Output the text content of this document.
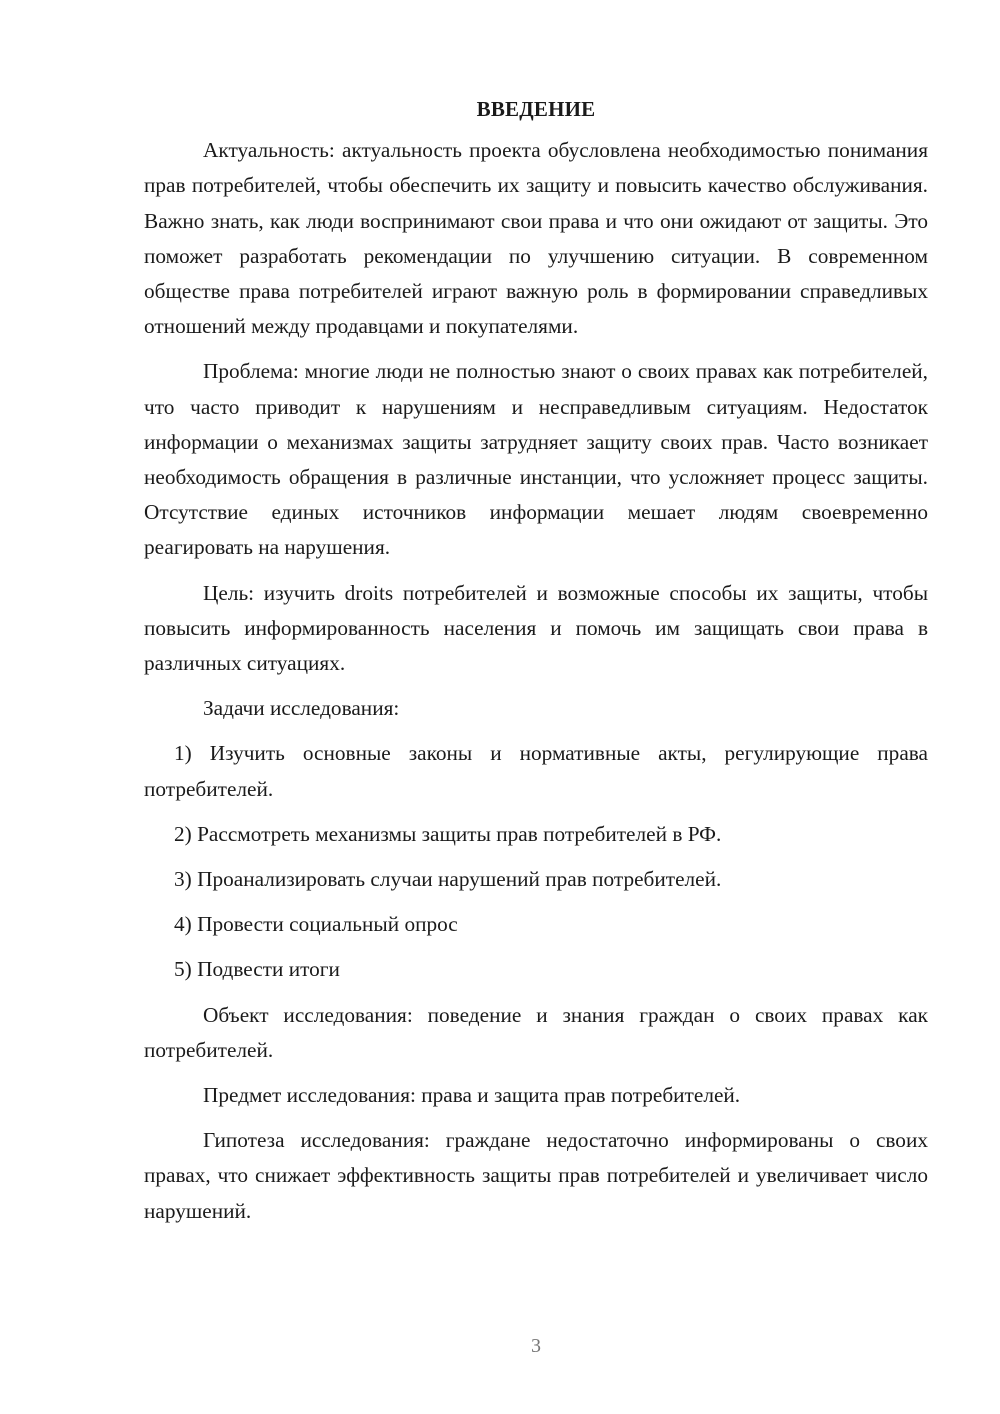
ВВЕДЕНИЕ

Актуальность: актуальность проекта обусловлена необходимостью понимания прав потребителей, чтобы обеспечить их защиту и повысить качество обслуживания. Важно знать, как люди воспринимают свои права и что они ожидают от защиты. Это поможет разработать рекомендации по улучшению ситуации. В современном обществе права потребителей играют важную роль в формировании справедливых отношений между продавцами и покупателями.

Проблема: многие люди не полностью знают о своих правах как потребителей, что часто приводит к нарушениям и несправедливым ситуациям. Недостаток информации о механизмах защиты затрудняет защиту своих прав. Часто возникает необходимость обращения в различные инстанции, что усложняет процесс защиты. Отсутствие единых источников информации мешает людям своевременно реагировать на нарушения.

Цель: изучить droits потребителей и возможные способы их защиты, чтобы повысить информированность населения и помочь им защищать свои права в различных ситуациях.

Задачи исследования:

1) Изучить основные законы и нормативные акты, регулирующие права потребителей.

2) Рассмотреть механизмы защиты прав потребителей в РФ.

3) Проанализировать случаи нарушений прав потребителей.

4) Провести социальный опрос

5) Подвести итоги

Объект исследования: поведение и знания граждан о своих правах как потребителей.

Предмет исследования: права и защита прав потребителей.

Гипотеза исследования: граждане недостаточно информированы о своих правах, что снижает эффективность защиты прав потребителей и увеличивает число нарушений.

3
